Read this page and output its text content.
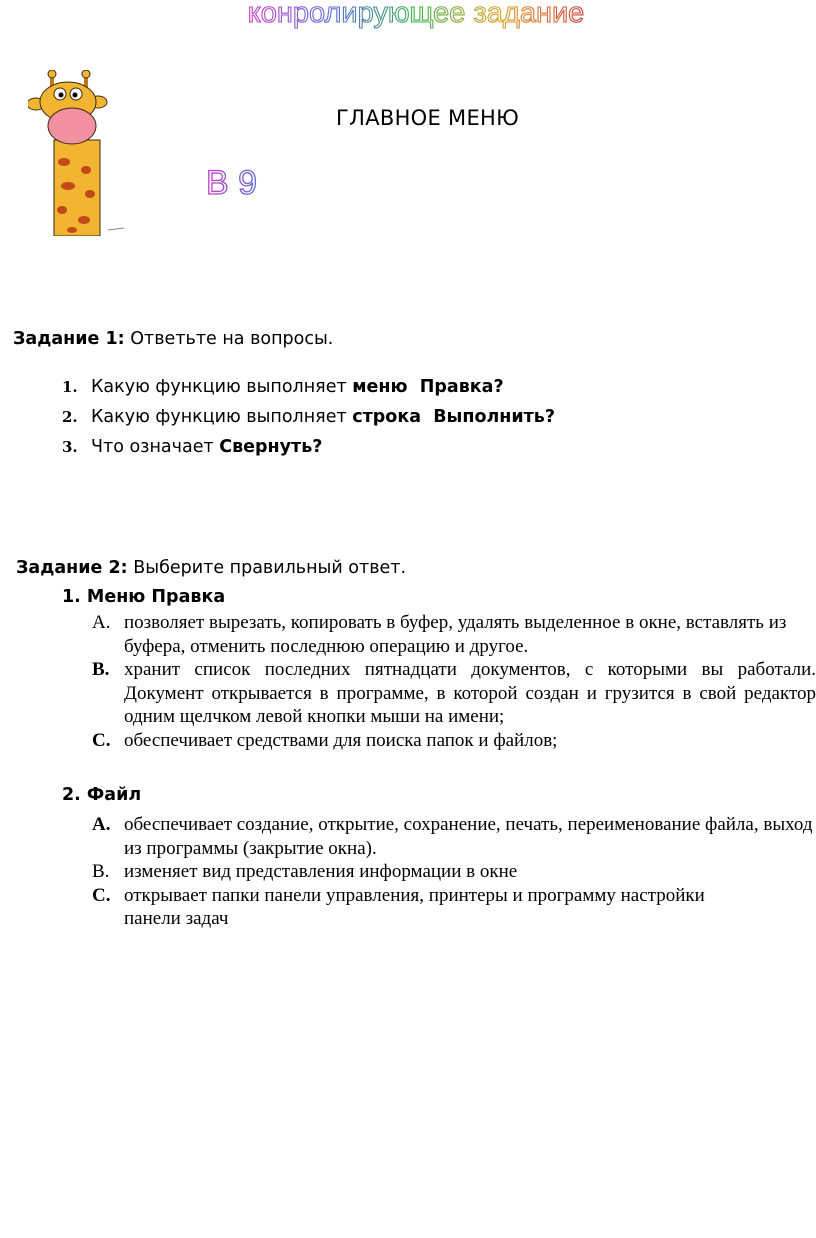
конролирующее задание
В 9
ГЛАВНОЕ МЕНЮ
Задание 1: Ответьте на вопросы.
1. Какую функцию выполняет меню  Правка?
2. Какую функцию выполняет строка  Выполнить?
3. Что означает Свернуть?
Задание 2: Выберите правильный ответ.
1. Меню Правка
А. позволяет вырезать, копировать в буфер, удалять выделенное в окне, вставлять из буфера, отменить последнюю операцию и другое.
В. хранит список последних пятнадцати документов, с которыми вы работали. Документ открывается в программе, в которой создан и грузится в свой редактор одним щелчком левой кнопки мыши на имени;
С. обеспечивает средствами для поиска папок и файлов;
2. Файл
А. обеспечивает создание, открытие, сохранение, печать, переименование файла, выход из программы (закрытие окна).
В. изменяет вид представления информации в окне
С. открывает папки панели управления, принтеры и программу настройки панели задач
